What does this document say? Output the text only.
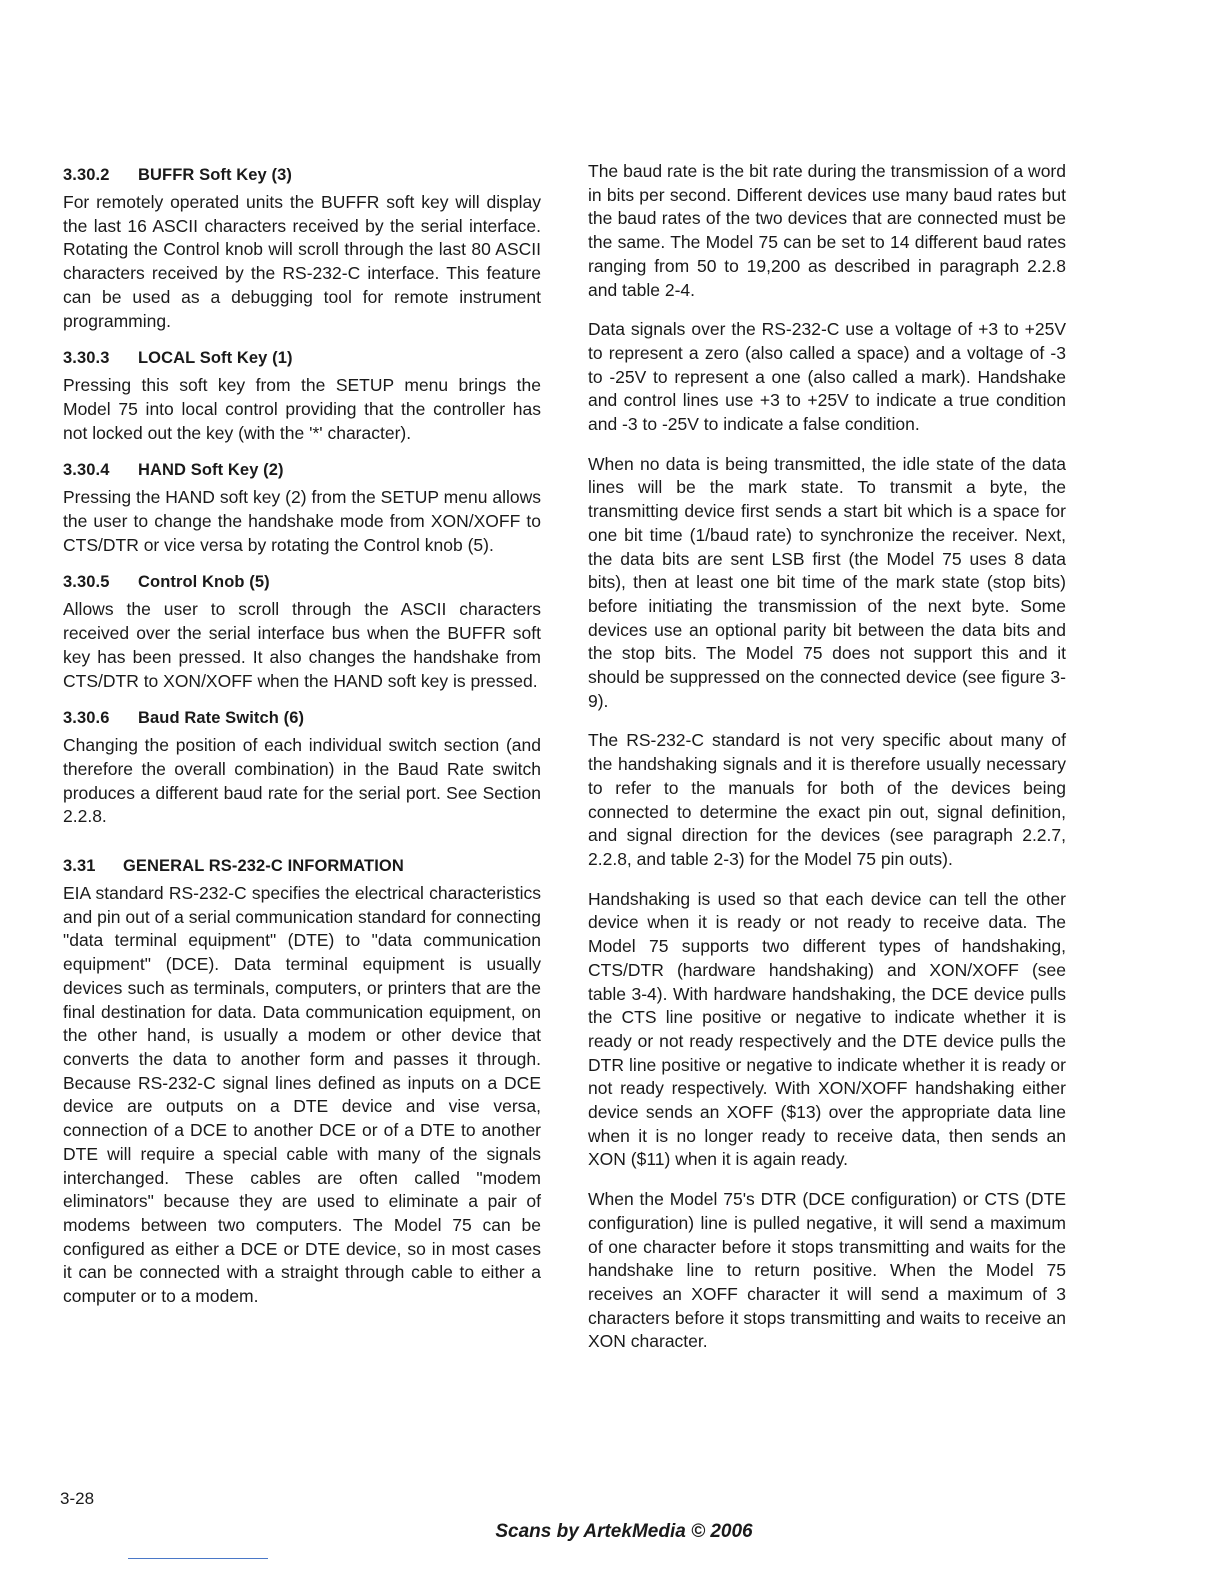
3.30.2 BUFFR Soft Key (3)

For remotely operated units the BUFFR soft key will display the last 16 ASCII characters received by the serial interface. Rotating the Control knob will scroll through the last 80 ASCII characters received by the RS-232-C interface. This feature can be used as a debugging tool for remote instrument programming.

3.30.3 LOCAL Soft Key (1)

Pressing this soft key from the SETUP menu brings the Model 75 into local control providing that the controller has not locked out the key (with the '*' character).

3.30.4 HAND Soft Key (2)

Pressing the HAND soft key (2) from the SETUP menu allows the user to change the handshake mode from XON/XOFF to CTS/DTR or vice versa by rotating the Control knob (5).

3.30.5 Control Knob (5)

Allows the user to scroll through the ASCII characters received over the serial interface bus when the BUFFR soft key has been pressed. It also changes the handshake from CTS/DTR to XON/XOFF when the HAND soft key is pressed.

3.30.6 Baud Rate Switch (6)

Changing the position of each individual switch section (and therefore the overall combination) in the Baud Rate switch produces a different baud rate for the serial port. See Section 2.2.8.

3.31 GENERAL RS-232-C INFORMATION

EIA standard RS-232-C specifies the electrical characteristics and pin out of a serial communication standard for connecting "data terminal equipment" (DTE) to "data communication equipment" (DCE). Data terminal equipment is usually devices such as terminals, computers, or printers that are the final destination for data. Data communication equipment, on the other hand, is usually a modem or other device that converts the data to another form and passes it through. Because RS-232-C signal lines defined as inputs on a DCE device are outputs on a DTE device and vise versa, connection of a DCE to another DCE or of a DTE to another DTE will require a special cable with many of the signals interchanged. These cables are often called "modem eliminators" because they are used to eliminate a pair of modems between two computers. The Model 75 can be configured as either a DCE or DTE device, so in most cases it can be connected with a straight through cable to either a computer or to a modem.

The baud rate is the bit rate during the transmission of a word in bits per second. Different devices use many baud rates but the baud rates of the two devices that are connected must be the same. The Model 75 can be set to 14 different baud rates ranging from 50 to 19,200 as described in paragraph 2.2.8 and table 2-4.

Data signals over the RS-232-C use a voltage of +3 to +25V to represent a zero (also called a space) and a voltage of -3 to -25V to represent a one (also called a mark). Handshake and control lines use +3 to +25V to indicate a true condition and -3 to -25V to indicate a false condition.

When no data is being transmitted, the idle state of the data lines will be the mark state. To transmit a byte, the transmitting device first sends a start bit which is a space for one bit time (1/baud rate) to synchronize the receiver. Next, the data bits are sent LSB first (the Model 75 uses 8 data bits), then at least one bit time of the mark state (stop bits) before initiating the transmission of the next byte. Some devices use an optional parity bit between the data bits and the stop bits. The Model 75 does not support this and it should be suppressed on the connected device (see figure 3-9).

The RS-232-C standard is not very specific about many of the handshaking signals and it is therefore usually necessary to refer to the manuals for both of the devices being connected to determine the exact pin out, signal definition, and signal direction for the devices (see paragraph 2.2.7, 2.2.8, and table 2-3) for the Model 75 pin outs).

Handshaking is used so that each device can tell the other device when it is ready or not ready to receive data. The Model 75 supports two different types of handshaking, CTS/DTR (hardware handshaking) and XON/XOFF (see table 3-4). With hardware handshaking, the DCE device pulls the CTS line positive or negative to indicate whether it is ready or not ready respectively and the DTE device pulls the DTR line positive or negative to indicate whether it is ready or not ready respectively. With XON/XOFF handshaking either device sends an XOFF ($13) over the appropriate data line when it is no longer ready to receive data, then sends an XON ($11) when it is again ready.

When the Model 75's DTR (DCE configuration) or CTS (DTE configuration) line is pulled negative, it will send a maximum of one character before it stops transmitting and waits for the handshake line to return positive. When the Model 75 receives an XOFF character it will send a maximum of 3 characters before it stops transmitting and waits to receive an XON character.

3-28
Scans by ArtekMedia © 2006
